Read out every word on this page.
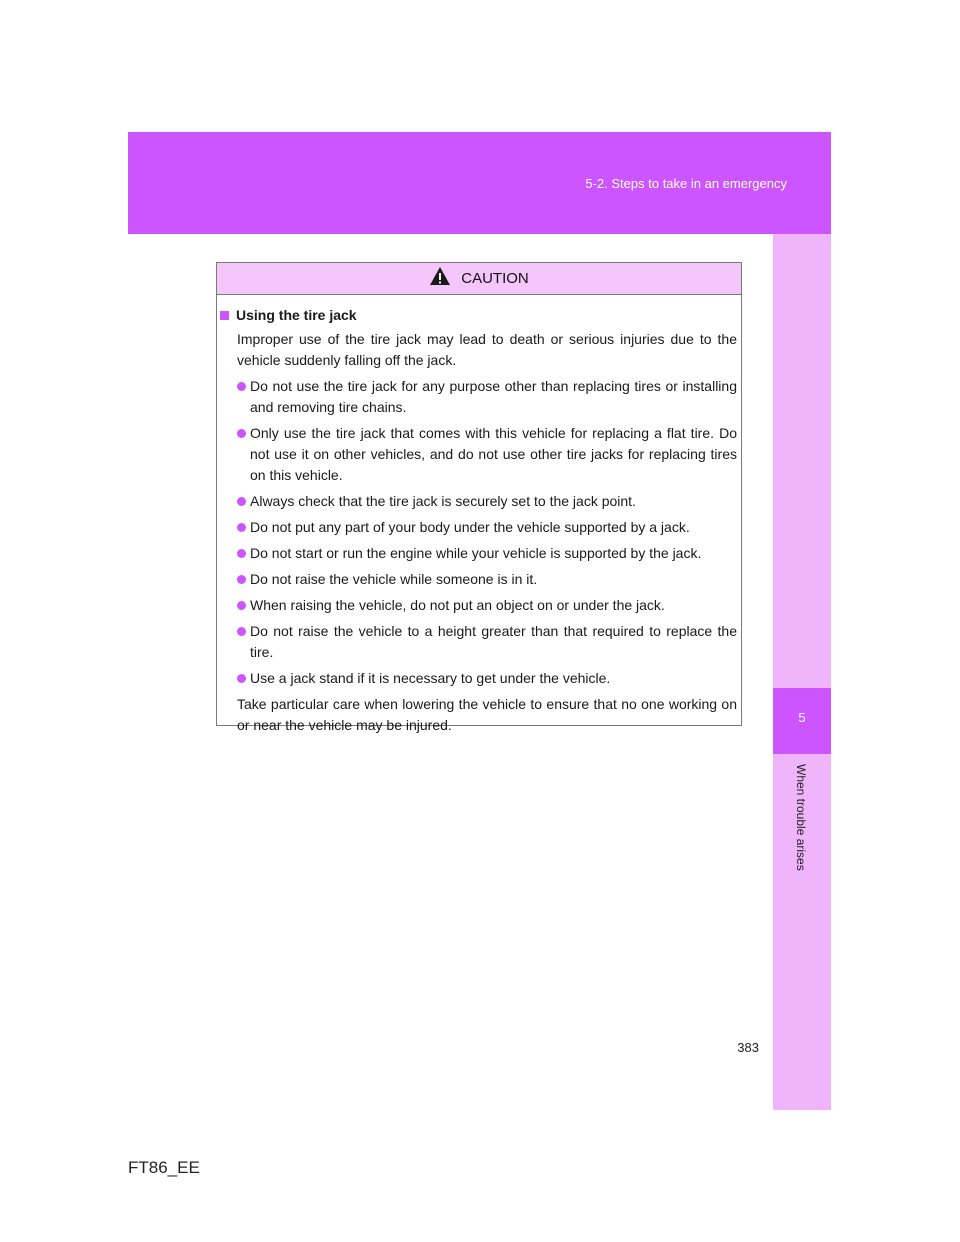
5-2. Steps to take in an emergency
5
When trouble arises
CAUTION
Using the tire jack
Improper use of the tire jack may lead to death or serious injuries due to the vehicle suddenly falling off the jack.
Do not use the tire jack for any purpose other than replacing tires or installing and removing tire chains.
Only use the tire jack that comes with this vehicle for replacing a flat tire. Do not use it on other vehicles, and do not use other tire jacks for replacing tires on this vehicle.
Always check that the tire jack is securely set to the jack point.
Do not put any part of your body under the vehicle supported by a jack.
Do not start or run the engine while your vehicle is supported by the jack.
Do not raise the vehicle while someone is in it.
When raising the vehicle, do not put an object on or under the jack.
Do not raise the vehicle to a height greater than that required to replace the tire.
Use a jack stand if it is necessary to get under the vehicle.
Take particular care when lowering the vehicle to ensure that no one working on or near the vehicle may be injured.
383
FT86_EE
